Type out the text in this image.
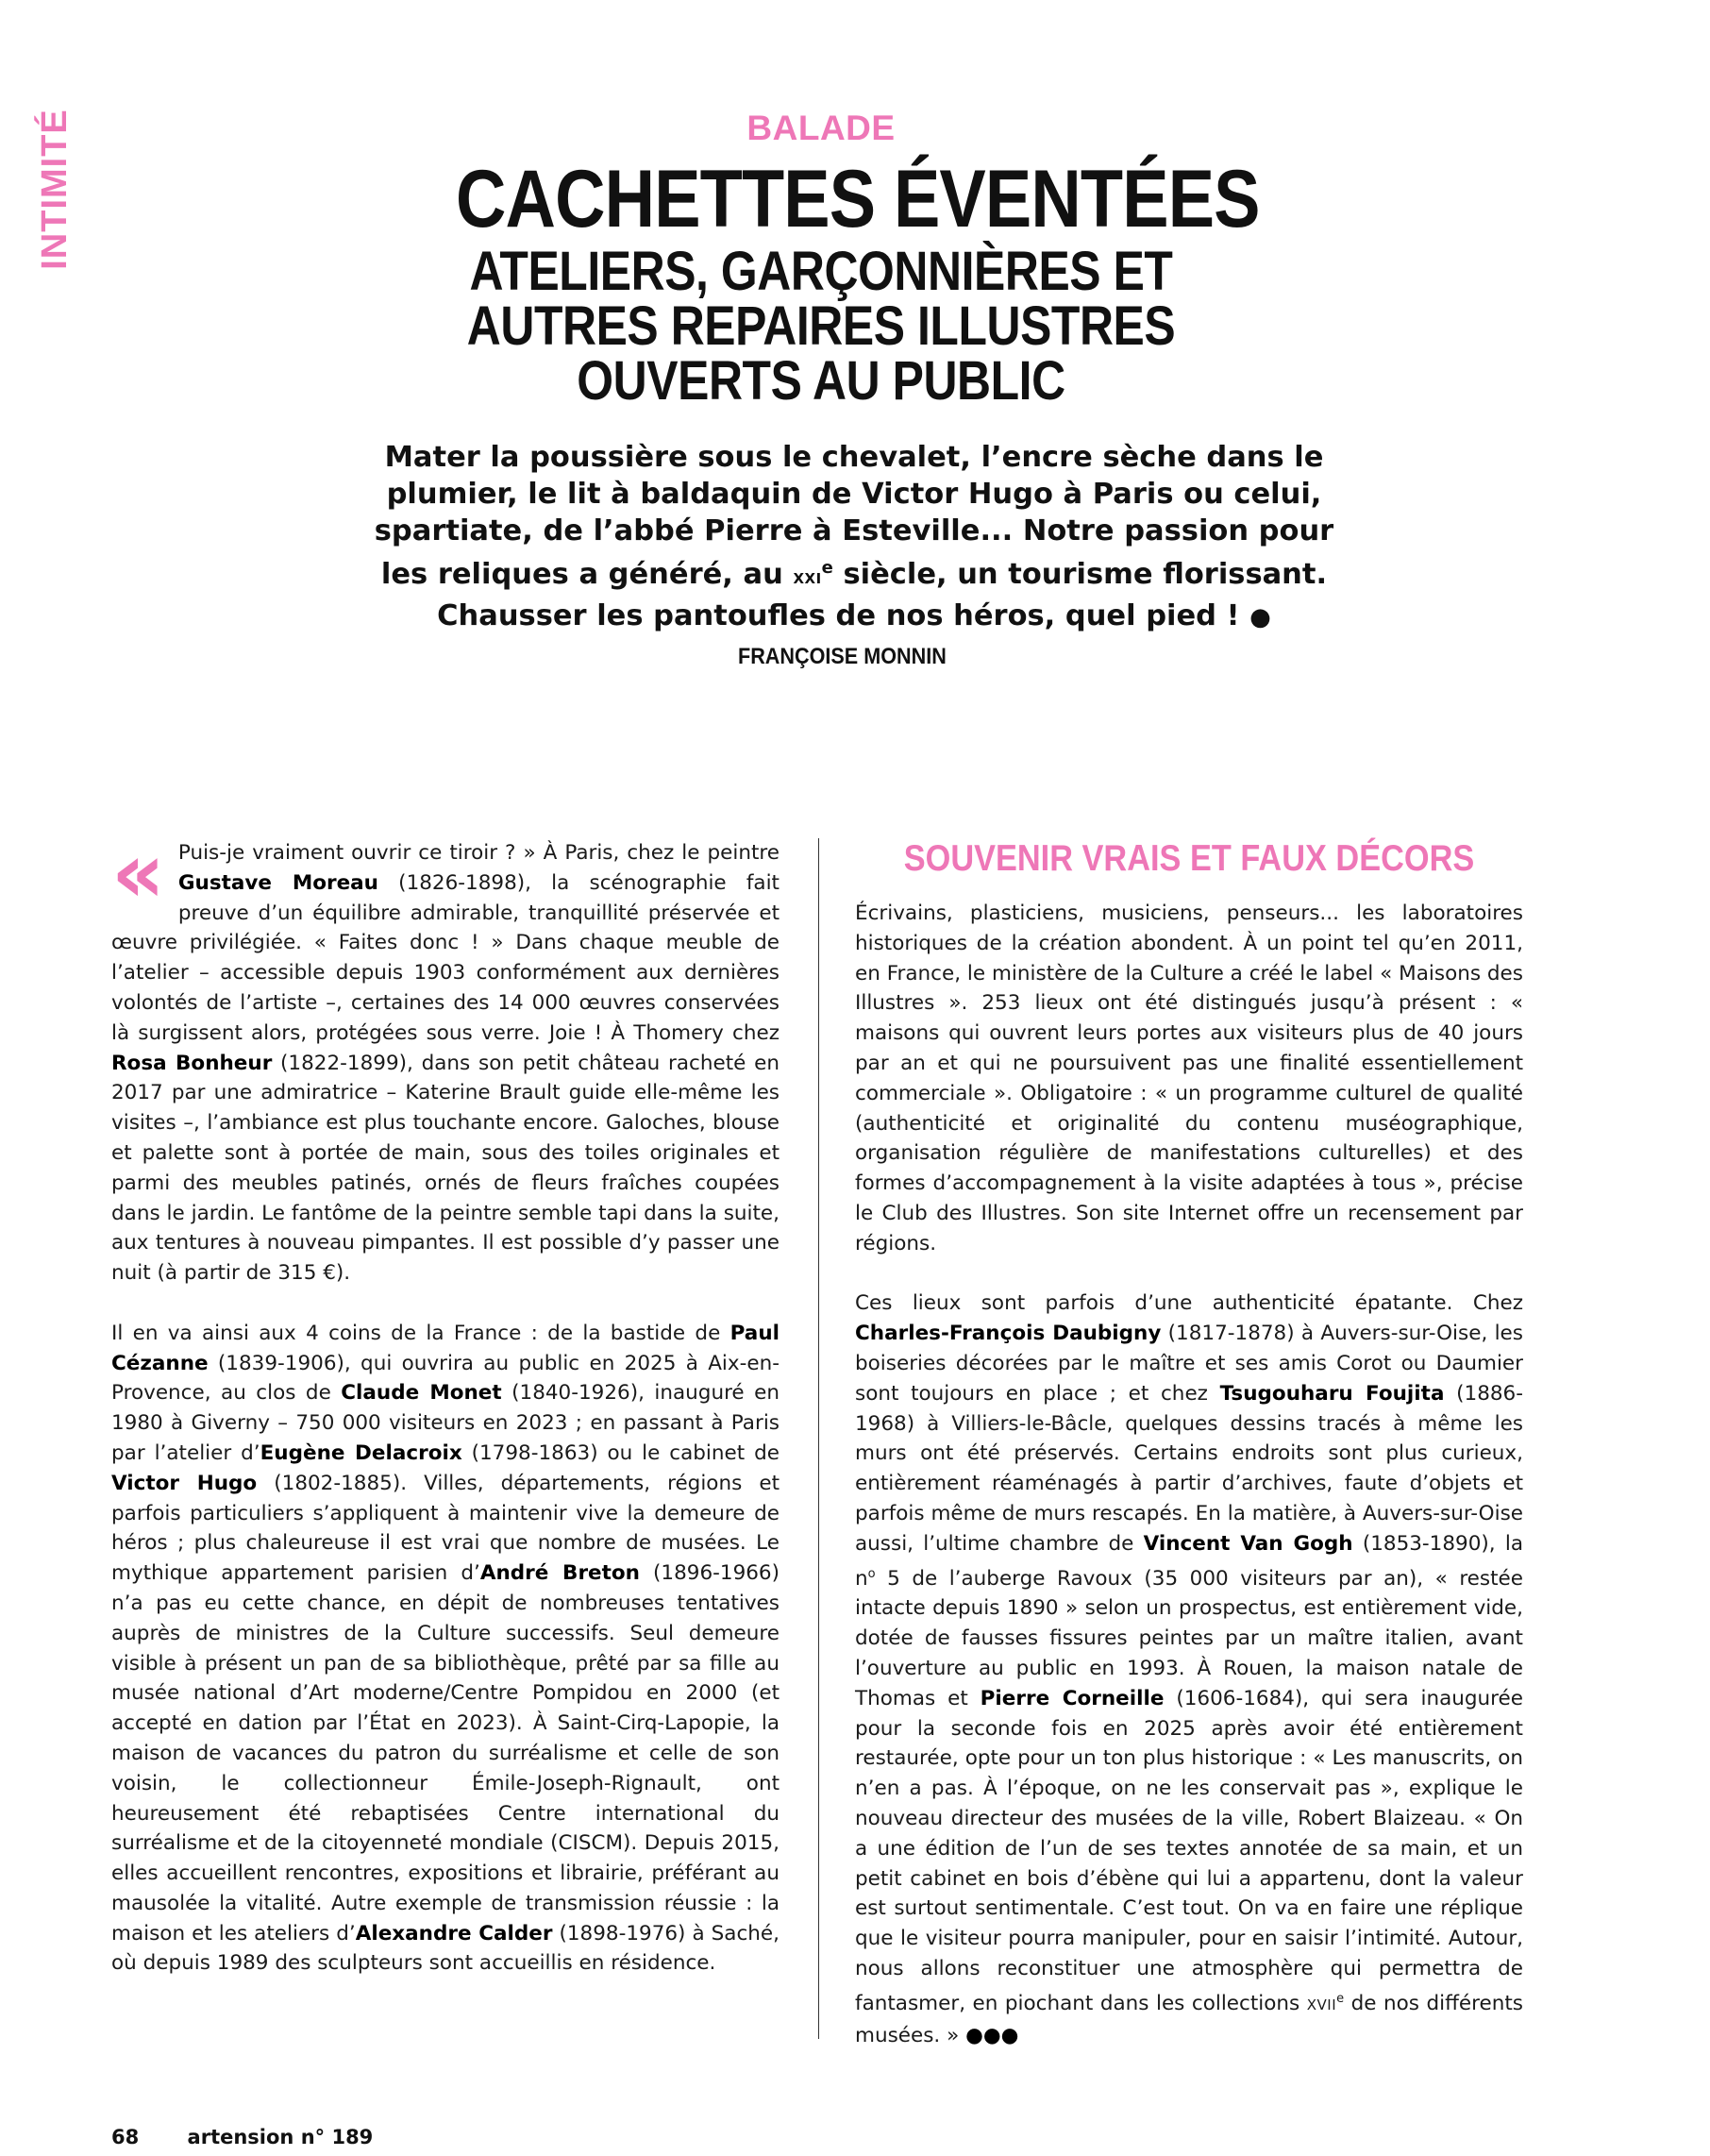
INTIMITÉ	BALADE

CACHETTES ÉVENTÉES
ATELIERS, GARÇONNIÈRES ET
AUTRES REPAIRES ILLUSTRES
OUVERTS AU PUBLIC

Mater la poussière sous le chevalet, l’encre sèche dans le plumier, le lit à baldaquin de Victor Hugo à Paris ou celui, spartiate, de l’abbé Pierre à Esteville... Notre passion pour les reliques a généré, au XXIe siècle, un tourisme florissant. Chausser les pantoufles de nos héros, quel pied ! ● FRANÇOISE MONNIN

« Puis-je vraiment ouvrir ce tiroir ? » À Paris, chez le peintre Gustave Moreau (1826-1898), la scénographie fait preuve d’un équilibre admirable, tranquillité préservée et œuvre privilégiée. « Faites donc ! » Dans chaque meuble de l’atelier – accessible depuis 1903 conformément aux dernières volontés de l’artiste –, certaines des 14 000 œuvres conservées là surgissent alors, protégées sous verre. Joie ! À Thomery chez Rosa Bonheur (1822-1899), dans son petit château racheté en 2017 par une admiratrice – Katerine Brault guide elle-même les visites –, l’ambiance est plus touchante encore. Galoches, blouse et palette sont à portée de main, sous des toiles originales et parmi des meubles patinés, ornés de fleurs fraîches coupées dans le jardin. Le fantôme de la peintre semble tapi dans la suite, aux tentures à nouveau pimpantes. Il est possible d’y passer une nuit (à partir de 315 €).

Il en va ainsi aux 4 coins de la France : de la bastide de Paul Cézanne (1839-1906), qui ouvrira au public en 2025 à Aix-en-Provence, au clos de Claude Monet (1840-1926), inauguré en 1980 à Giverny – 750 000 visiteurs en 2023 ; en passant à Paris par l’atelier d’Eugène Delacroix (1798-1863) ou le cabinet de Victor Hugo (1802-1885). Villes, départements, régions et parfois particuliers s’appliquent à maintenir vive la demeure de héros ; plus chaleureuse il est vrai que nombre de musées. Le mythique appartement parisien d’André Breton (1896-1966) n’a pas eu cette chance, en dépit de nombreuses tentatives auprès de ministres de la Culture successifs. Seul demeure visible à présent un pan de sa bibliothèque, prêté par sa fille au musée national d’Art moderne/Centre Pompidou en 2000 (et accepté en dation par l’État en 2023). À Saint-Cirq-Lapopie, la maison de vacances du patron du surréalisme et celle de son voisin, le collectionneur Émile-Joseph-Rignault, ont heureusement été rebaptisées Centre international du surréalisme et de la citoyenneté mondiale (CISCM). Depuis 2015, elles accueillent rencontres, expositions et librairie, préférant au mausolée la vitalité. Autre exemple de transmission réussie : la maison et les ateliers d’Alexandre Calder (1898-1976) à Saché, où depuis 1989 des sculpteurs sont accueillis en résidence.

SOUVENIR VRAIS ET FAUX DÉCORS

Écrivains, plasticiens, musiciens, penseurs... les laboratoires historiques de la création abondent. À un point tel qu’en 2011, en France, le ministère de la Culture a créé le label « Maisons des Illustres ». 253 lieux ont été distingués jusqu’à présent : « maisons qui ouvrent leurs portes aux visiteurs plus de 40 jours par an et qui ne poursuivent pas une finalité essentiellement commerciale ». Obligatoire : « un programme culturel de qualité (authenticité et originalité du contenu muséographique, organisation régulière de manifestations culturelles) et des formes d’accompagnement à la visite adaptées à tous », précise le Club des Illustres. Son site Internet offre un recensement par régions.

Ces lieux sont parfois d’une authenticité épatante. Chez Charles-François Daubigny (1817-1878) à Auvers-sur-Oise, les boiseries décorées par le maître et ses amis Corot ou Daumier sont toujours en place ; et chez Tsugouharu Foujita (1886-1968) à Villiers-le-Bâcle, quelques dessins tracés à même les murs ont été préservés. Certains endroits sont plus curieux, entièrement réaménagés à partir d’archives, faute d’objets et parfois même de murs rescapés. En la matière, à Auvers-sur-Oise aussi, l’ultime chambre de Vincent Van Gogh (1853-1890), la $n^o$ 5 de l’auberge Ravoux (35 000 visiteurs par an), « restée intacte depuis 1890 » selon un prospectus, est entièrement vide, dotée de fausses fissures peintes par un maître italien, avant l’ouverture au public en 1993. À Rouen, la maison natale de Thomas et Pierre Corneille (1606-1684), qui sera inaugurée pour la seconde fois en 2025 après avoir été entièrement restaurée, opte pour un ton plus historique : « Les manuscrits, on n’en a pas. À l’époque, on ne les conservait pas », explique le nouveau directeur des musées de la ville, Robert Blaizeau. « On a une édition de l’un de ses textes annotée de sa main, et un petit cabinet en bois d’ébène qui lui a appartenu, dont la valeur est surtout sentimentale. C’est tout. On va en faire une réplique que le visiteur pourra manipuler, pour en saisir l’intimité. Autour, nous allons reconstituer une atmosphère qui permettra de fantasmer, en piochant dans les collections XVIIe de nos différents musées. » ●●●

68 artension n° 189
